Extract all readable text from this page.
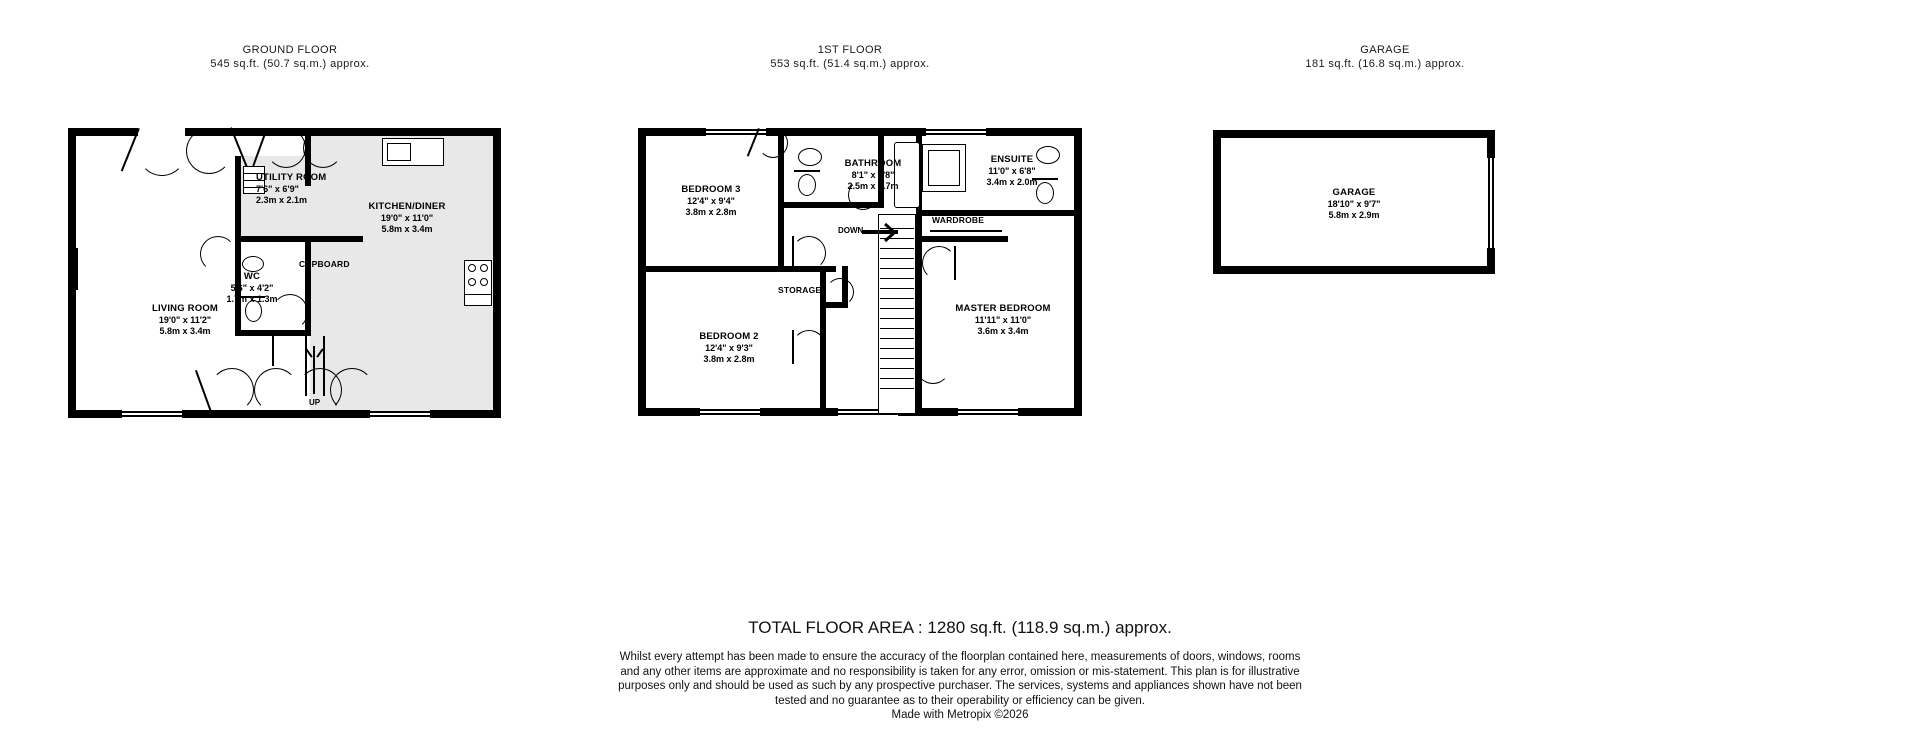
GROUND FLOOR
545 sq.ft. (50.7 sq.m.) approx.
1ST FLOOR
553 sq.ft. (51.4 sq.m.) approx.
GARAGE
181 sq.ft. (16.8 sq.m.) approx.
UP
LIVING ROOM
19'0" x 11'2"
5.8m x 3.4m
UTILITY ROOM
7'6" x 6'9"
2.3m x 2.1m
KITCHEN/DINER
19'0" x 11'0"
5.8m x 3.4m
WC
5'6" x 4'2"
1.7m x 1.3m
CUPBOARD
DOWN
BEDROOM 3
12'4" x 9'4"
3.8m x 2.8m
BATHROOM
8'1" x 5'8"
2.5m x 1.7m
ENSUITE
11'0" x 6'8"
3.4m x 2.0m
MASTER BEDROOM
11'11" x 11'0"
3.6m x 3.4m
BEDROOM 2
12'4" x 9'3"
3.8m x 2.8m
WARDROBE
STORAGE
GARAGE
18'10" x 9'7"
5.8m x 2.9m
TOTAL FLOOR AREA : 1280 sq.ft. (118.9 sq.m.) approx.
Whilst every attempt has been made to ensure the accuracy of the floorplan contained here, measurements of doors, windows, rooms and any other items are approximate and no responsibility is taken for any error, omission or mis-statement. This plan is for illustrative purposes only and should be used as such by any prospective purchaser. The services, systems and appliances shown have not been tested and no guarantee as to their operability or efficiency can be given.
Made with Metropix ©2026
